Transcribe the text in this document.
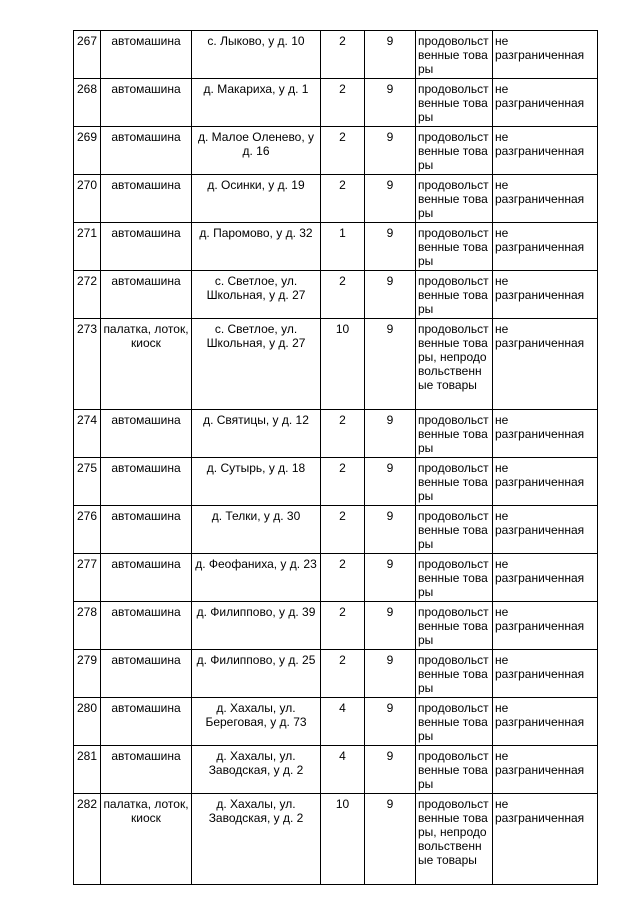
267	автомашина	с. Лыково, у д. 10	2	9	продовольственные товары	не разграниченная
268	автомашина	д. Макариха, у д. 1	2	9	продовольственные товары	не разграниченная
269	автомашина	д. Малое Оленево, у д. 16	2	9	продовольственные товары	не разграниченная
270	автомашина	д. Осинки, у д. 19	2	9	продовольственные товары	не разграниченная
271	автомашина	д. Паромово, у д. 32	1	9	продовольственные товары	не разграниченная
272	автомашина	с. Светлое, ул. Школьная, у д. 27	2	9	продовольственные товары	не разграниченная
273	палатка, лоток, киоск	с. Светлое, ул. Школьная, у д. 27	10	9	продовольственные товары, непродовольственные товары	не разграниченная
274	автомашина	д. Святицы, у д. 12	2	9	продовольственные товары	не разграниченная
275	автомашина	д. Сутырь, у д. 18	2	9	продовольственные товары	не разграниченная
276	автомашина	д. Телки, у д. 30	2	9	продовольственные товары	не разграниченная
277	автомашина	д. Феофаниха, у д. 23	2	9	продовольственные товары	не разграниченная
278	автомашина	д. Филиппово, у д. 39	2	9	продовольственные товары	не разграниченная
279	автомашина	д. Филиппово, у д. 25	2	9	продовольственные товары	не разграниченная
280	автомашина	д. Хахалы, ул. Береговая, у д. 73	4	9	продовольственные товары	не разграниченная
281	автомашина	д. Хахалы, ул. Заводская, у д. 2	4	9	продовольственные товары	не разграниченная
282	палатка, лоток, киоск	д. Хахалы, ул. Заводская, у д. 2	10	9	продовольственные товары, непродовольственные товары	не разграниченная
